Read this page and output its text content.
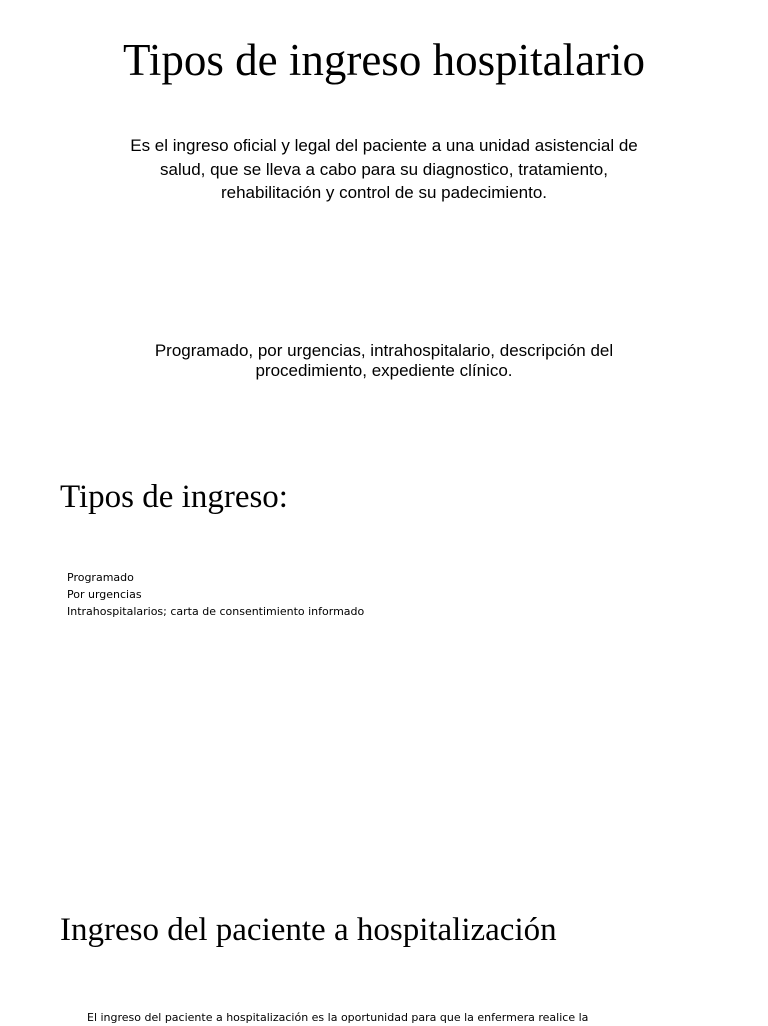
Tipos de ingreso hospitalario

Es el ingreso oficial y legal del paciente a una unidad asistencial de salud, que se lleva a cabo para su diagnostico, tratamiento, rehabilitación y control de su padecimiento.

Programado, por urgencias, intrahospitalario, descripción del procedimiento, expediente clínico.

Tipos de ingreso:
Programado
Por urgencias
Intrahospitalarios; carta de consentimiento informado
Ingreso del paciente a hospitalización

El ingreso del paciente a hospitalización es la oportunidad para que la enfermera realice la
